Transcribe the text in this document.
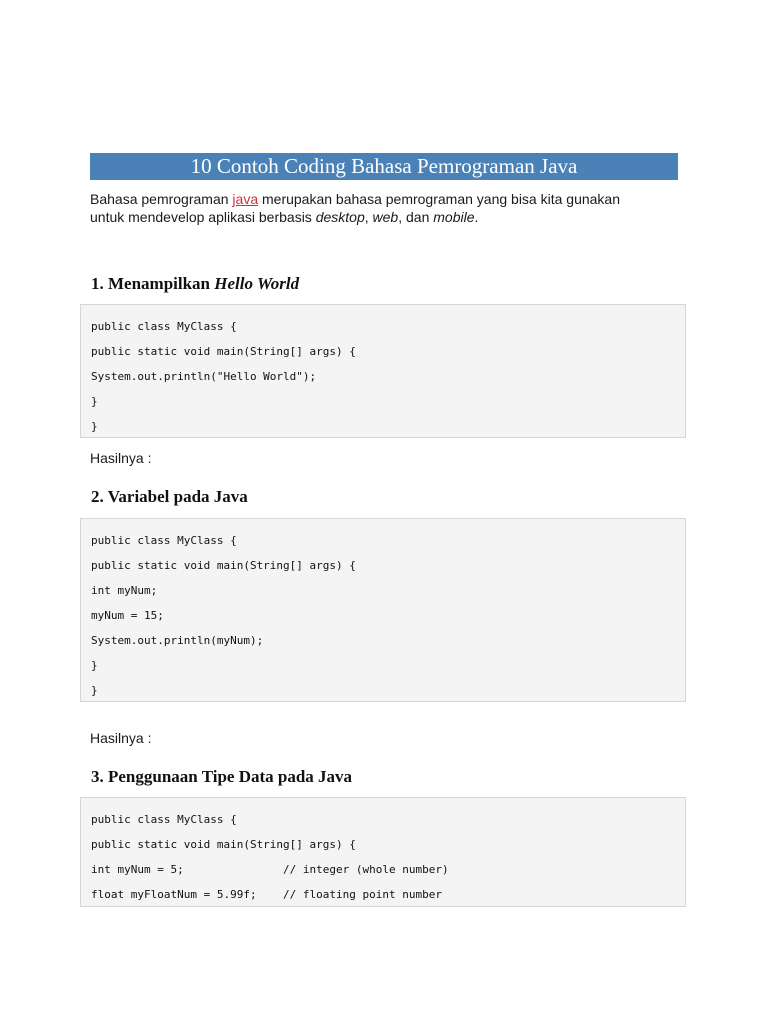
10 Contoh Coding Bahasa Pemrograman Java
Bahasa pemrograman java merupakan bahasa pemrograman yang bisa kita gunakan
untuk mendevelop aplikasi berbasis desktop, web, dan mobile.
1. Menampilkan Hello World
public class MyClass {
public static void main(String[] args) {
System.out.println("Hello World");
}
}
Hasilnya :
2. Variabel pada Java
public class MyClass {
public static void main(String[] args) {
int myNum;
myNum = 15;
System.out.println(myNum);
}
}
Hasilnya :
3. Penggunaan Tipe Data pada Java
public class MyClass {
public static void main(String[] args) {
int myNum = 5;               // integer (whole number)
float myFloatNum = 5.99f;    // floating point number
